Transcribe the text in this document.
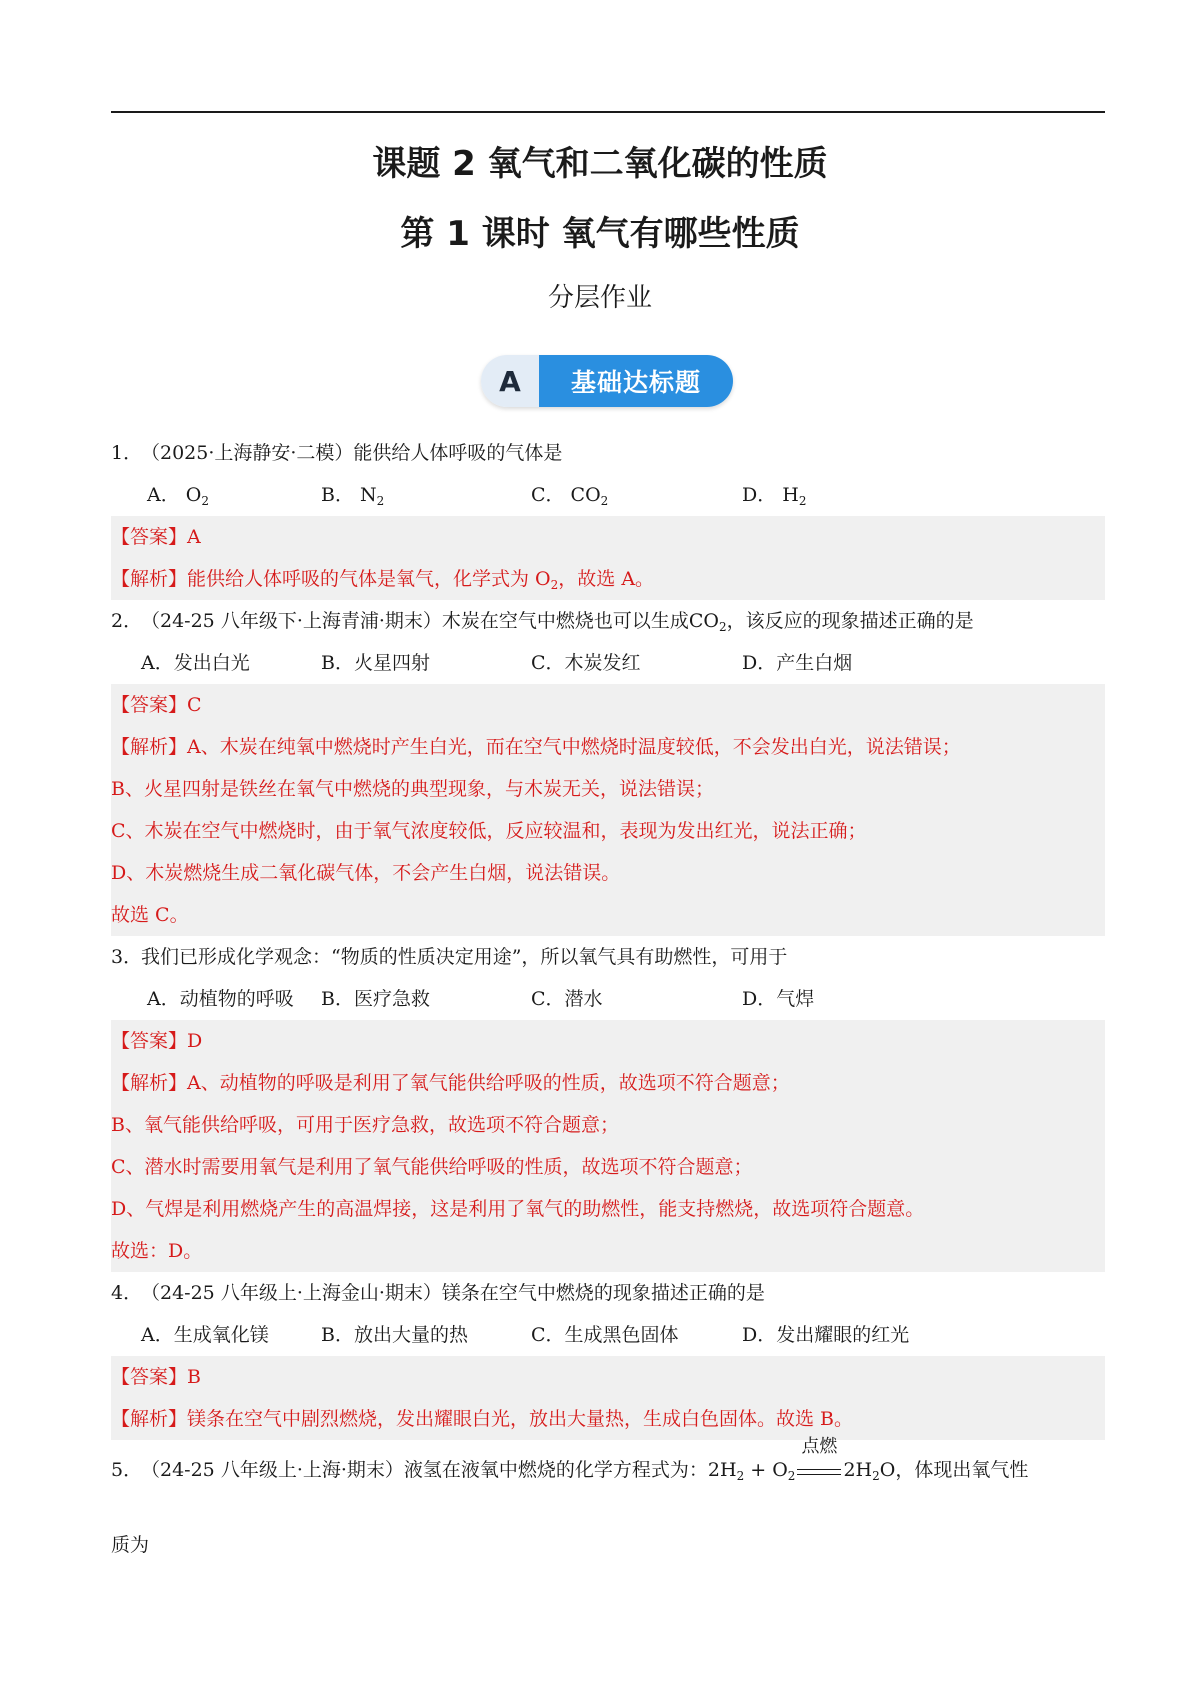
课题 2 氧气和二氧化碳的性质
第 1 课时 氧气有哪些性质
分层作业
A	基础达标题
1．（2025·上海静安·二模）能供给人体呼吸的气体是
A． $O_2$	B． $N_2$	C． $CO_2$	D． $H_2$
【答案】A
【解析】能供给人体呼吸的气体是氧气，化学式为 $O_2$，故选 A。
2．（24-25 八年级下·上海青浦·期末）木炭在空气中燃烧也可以生成$CO_2$，该反应的现象描述正确的是
A．发出白光	B．火星四射	C．木炭发红	D．产生白烟
【答案】C
【解析】A、木炭在纯氧中燃烧时产生白光，而在空气中燃烧时温度较低，不会发出白光，说法错误；
B、火星四射是铁丝在氧气中燃烧的典型现象，与木炭无关，说法错误；
C、木炭在空气中燃烧时，由于氧气浓度较低，反应较温和，表现为发出红光，说法正确；
D、木炭燃烧生成二氧化碳气体，不会产生白烟，说法错误。
故选 C。
3．我们已形成化学观念：“物质的性质决定用途”，所以氧气具有助燃性，可用于
A．动植物的呼吸 B．医疗急救	C．潜水	D．气焊
【答案】D
【解析】A、动植物的呼吸是利用了氧气能供给呼吸的性质，故选项不符合题意；
B、氧气能供给呼吸，可用于医疗急救，故选项不符合题意；
C、潜水时需要用氧气是利用了氧气能供给呼吸的性质，故选项不符合题意；
D、气焊是利用燃烧产生的高温焊接，这是利用了氧气的助燃性，能支持燃烧，故选项符合题意。
故选：D。
4．（24-25 八年级上·上海金山·期末）镁条在空气中燃烧的现象描述正确的是
A．生成氧化镁	B．放出大量的热	C．生成黑色固体	D．发出耀眼的红光
【答案】B
【解析】镁条在空气中剧烈燃烧，发出耀眼白光，放出大量热，生成白色固体。故选 B。
5．（24-25 八年级上·上海·期末）液氢在液氧中燃烧的化学方程式为：$2H_2 + O_2$
点燃
$2H_2O$，体现出氧气性
质为
